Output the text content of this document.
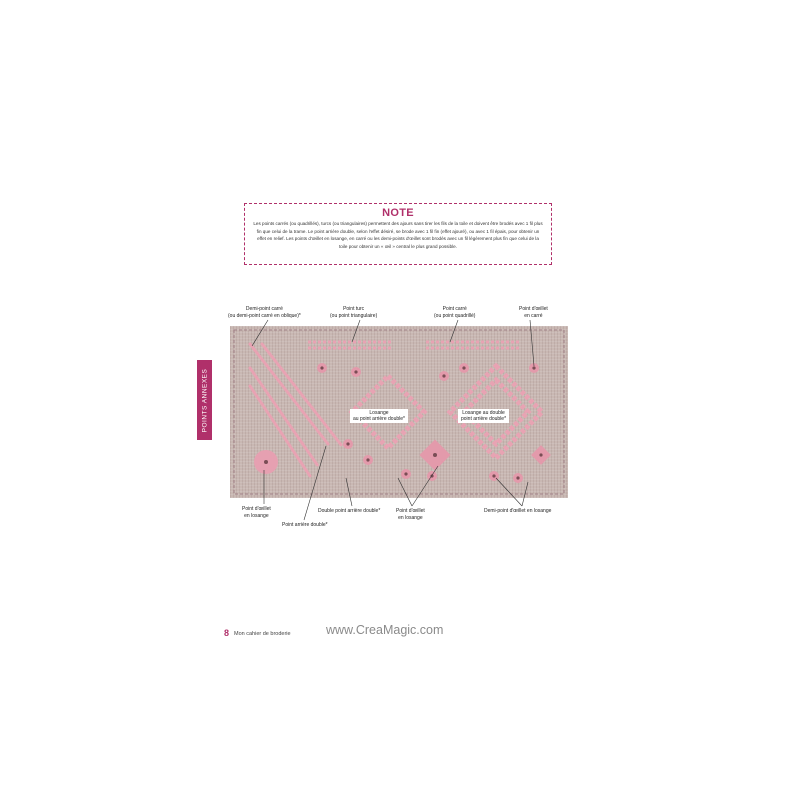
NOTE

Les points carrés (ou quadrillés), turcs (ou triangulaires) permettent des ajours sans tirer les fils de la toile et doivent être brodés avec 1 fil plus fin que celui de la trame. Le point arrière double, selon l'effet désiré, se brode avec 1 fil fin (effet ajouré), ou avec 1 fil épais, pour obtenir un effet en relief. Les points d'œillet en losange, en carré ou les demi-points d'œillet sont brodés avec un fil légèrement plus fin que celui de la toile pour obtenir un « œil » central le plus grand possible.

POINTS ANNEXES	Losange
au point arrière double*
Losange au double
point arrière double*
Demi-point carré
(ou demi-point carré en oblique)*
Point turc
(ou point triangulaire)
Point carré
(ou point quadrillé)
Point d'œillet
en carré
Point d'œillet
en losange
Point arrière double*
Double point arrière double*	Point d'œillet
en losange
Demi-point d'œillet en losange
8 Mon cahier de broderie	www.CreaMagic.com
